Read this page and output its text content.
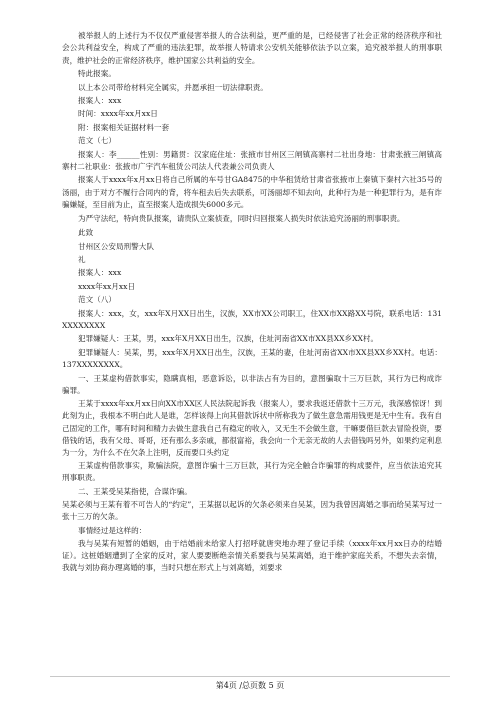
被举报人的上述行为不仅仅严重侵害举报人的合法利益，更严重的是，已经侵害了社会正常的经济秩序和社会公共利益安全，构成了严重的违法犯罪，故举报人特请求公安机关能够依法予以立案，追究被举报人的刑事职责，维护社会的正常经济秩序，维护国家公共利益的安全。

特此报案。

以上本公司带给材料完全属实，并愿承担一切法律职责。

报案人：xxx

时间：xxxx年xx月xx日

附：报案相关证据材料一套

范文（七）

报案人：李______性别：男籍贯：汉家庭住址：张掖市甘州区三闸镇高寨村二社出身地：甘肃张掖三闸镇高寨村二社职业：张掖市广宇汽车租赁公司法人代表兼公司负责人

报案人于xxxx年x月xx日将自己所属的车号甘GA8475的中华租赁给甘肃省张掖市上秦镇下秦村六社35号的汤丽，由于对方不履行合同内的背，将车租去后失去联系，可汤丽却不知去向，此种行为是一种犯罪行为，是有诈骗嫌疑，至目前为止，直至报案人造成损失6000多元。

为严守法纪，特向贵队报案，请贵队立案侦查，同时归回报案人损失时依法追究汤丽的刑事职责。

此致

甘州区公安局刑警大队

礼

报案人：xxx

xxxx年xx月xx日

范文（八）

报案人：xxx，女，xxx年X月XX日出生，汉族，XX市XX公司职工，住XX市XX路XX号院，联系电话：131XXXXXXXX

犯罪嫌疑人：王某，男，xxx年X月XX日出生，汉族，住址河南省XX市XX县XX乡XX村。

犯罪嫌疑人：吴某，男，xxx年X月XX日出生，汉族，王某的妻，住址河南省XX市XX县XX乡XX村。电话：137XXXXXXXX。

一、王某虚构借款事实，隐瞒真相，恶意诉讼，以非法占有为目的，意图骗取十三万巨款，其行为已构成诈骗罪。

王某于xxxx年xx月xx日向XX市XX区人民法院起诉我（报案人），要求我返还借款十三万元，我深感惊讶！到此刻为止，我根本不明白此人是谁，怎样该得上向其借款诉状中所称我为了做生意急需用钱更是无中生有。我有自己固定的工作，哪有时间和精力去做生意我自己有稳定的收入，又无生不会做生意，干嘛要借巨款去冒险投资，要借钱的话，我有父母、哥哥，还有那么多亲戚，都很富裕，我会向一个无亲无故的人去借钱吗另外，如果约定利息为一分，为什么不在欠条上注明，反而要口头约定

王某虚构借款事实，欺骗法院，意图诈骗十三万巨款，其行为完全触合诈骗罪的构成要件，应当依法追究其刑事职责。

二、王某受吴某指使，合谋诈骗。

吴某必须与王某有着不可告人的“约定”，王某据以起诉的欠条必须来自吴某，因为我曾因离婚之事而给吴某写过一张十三万的欠条。

事情经过是这样的：

我与吴某有短暂的婚姻，由于结婚前未给家人打招呼就唐突地办理了登记手续（xxxx年xx月xx日办的结婚证）。这桩婚姻遭到了全家的反对，家人要要断绝亲情关系要我与吴某离婚，迫于维护家庭关系，不想失去亲情，我就与刘协商办理离婚的事，当时只想在形式上与刘离婚，刘要求

第4页 /总页数 5 页
